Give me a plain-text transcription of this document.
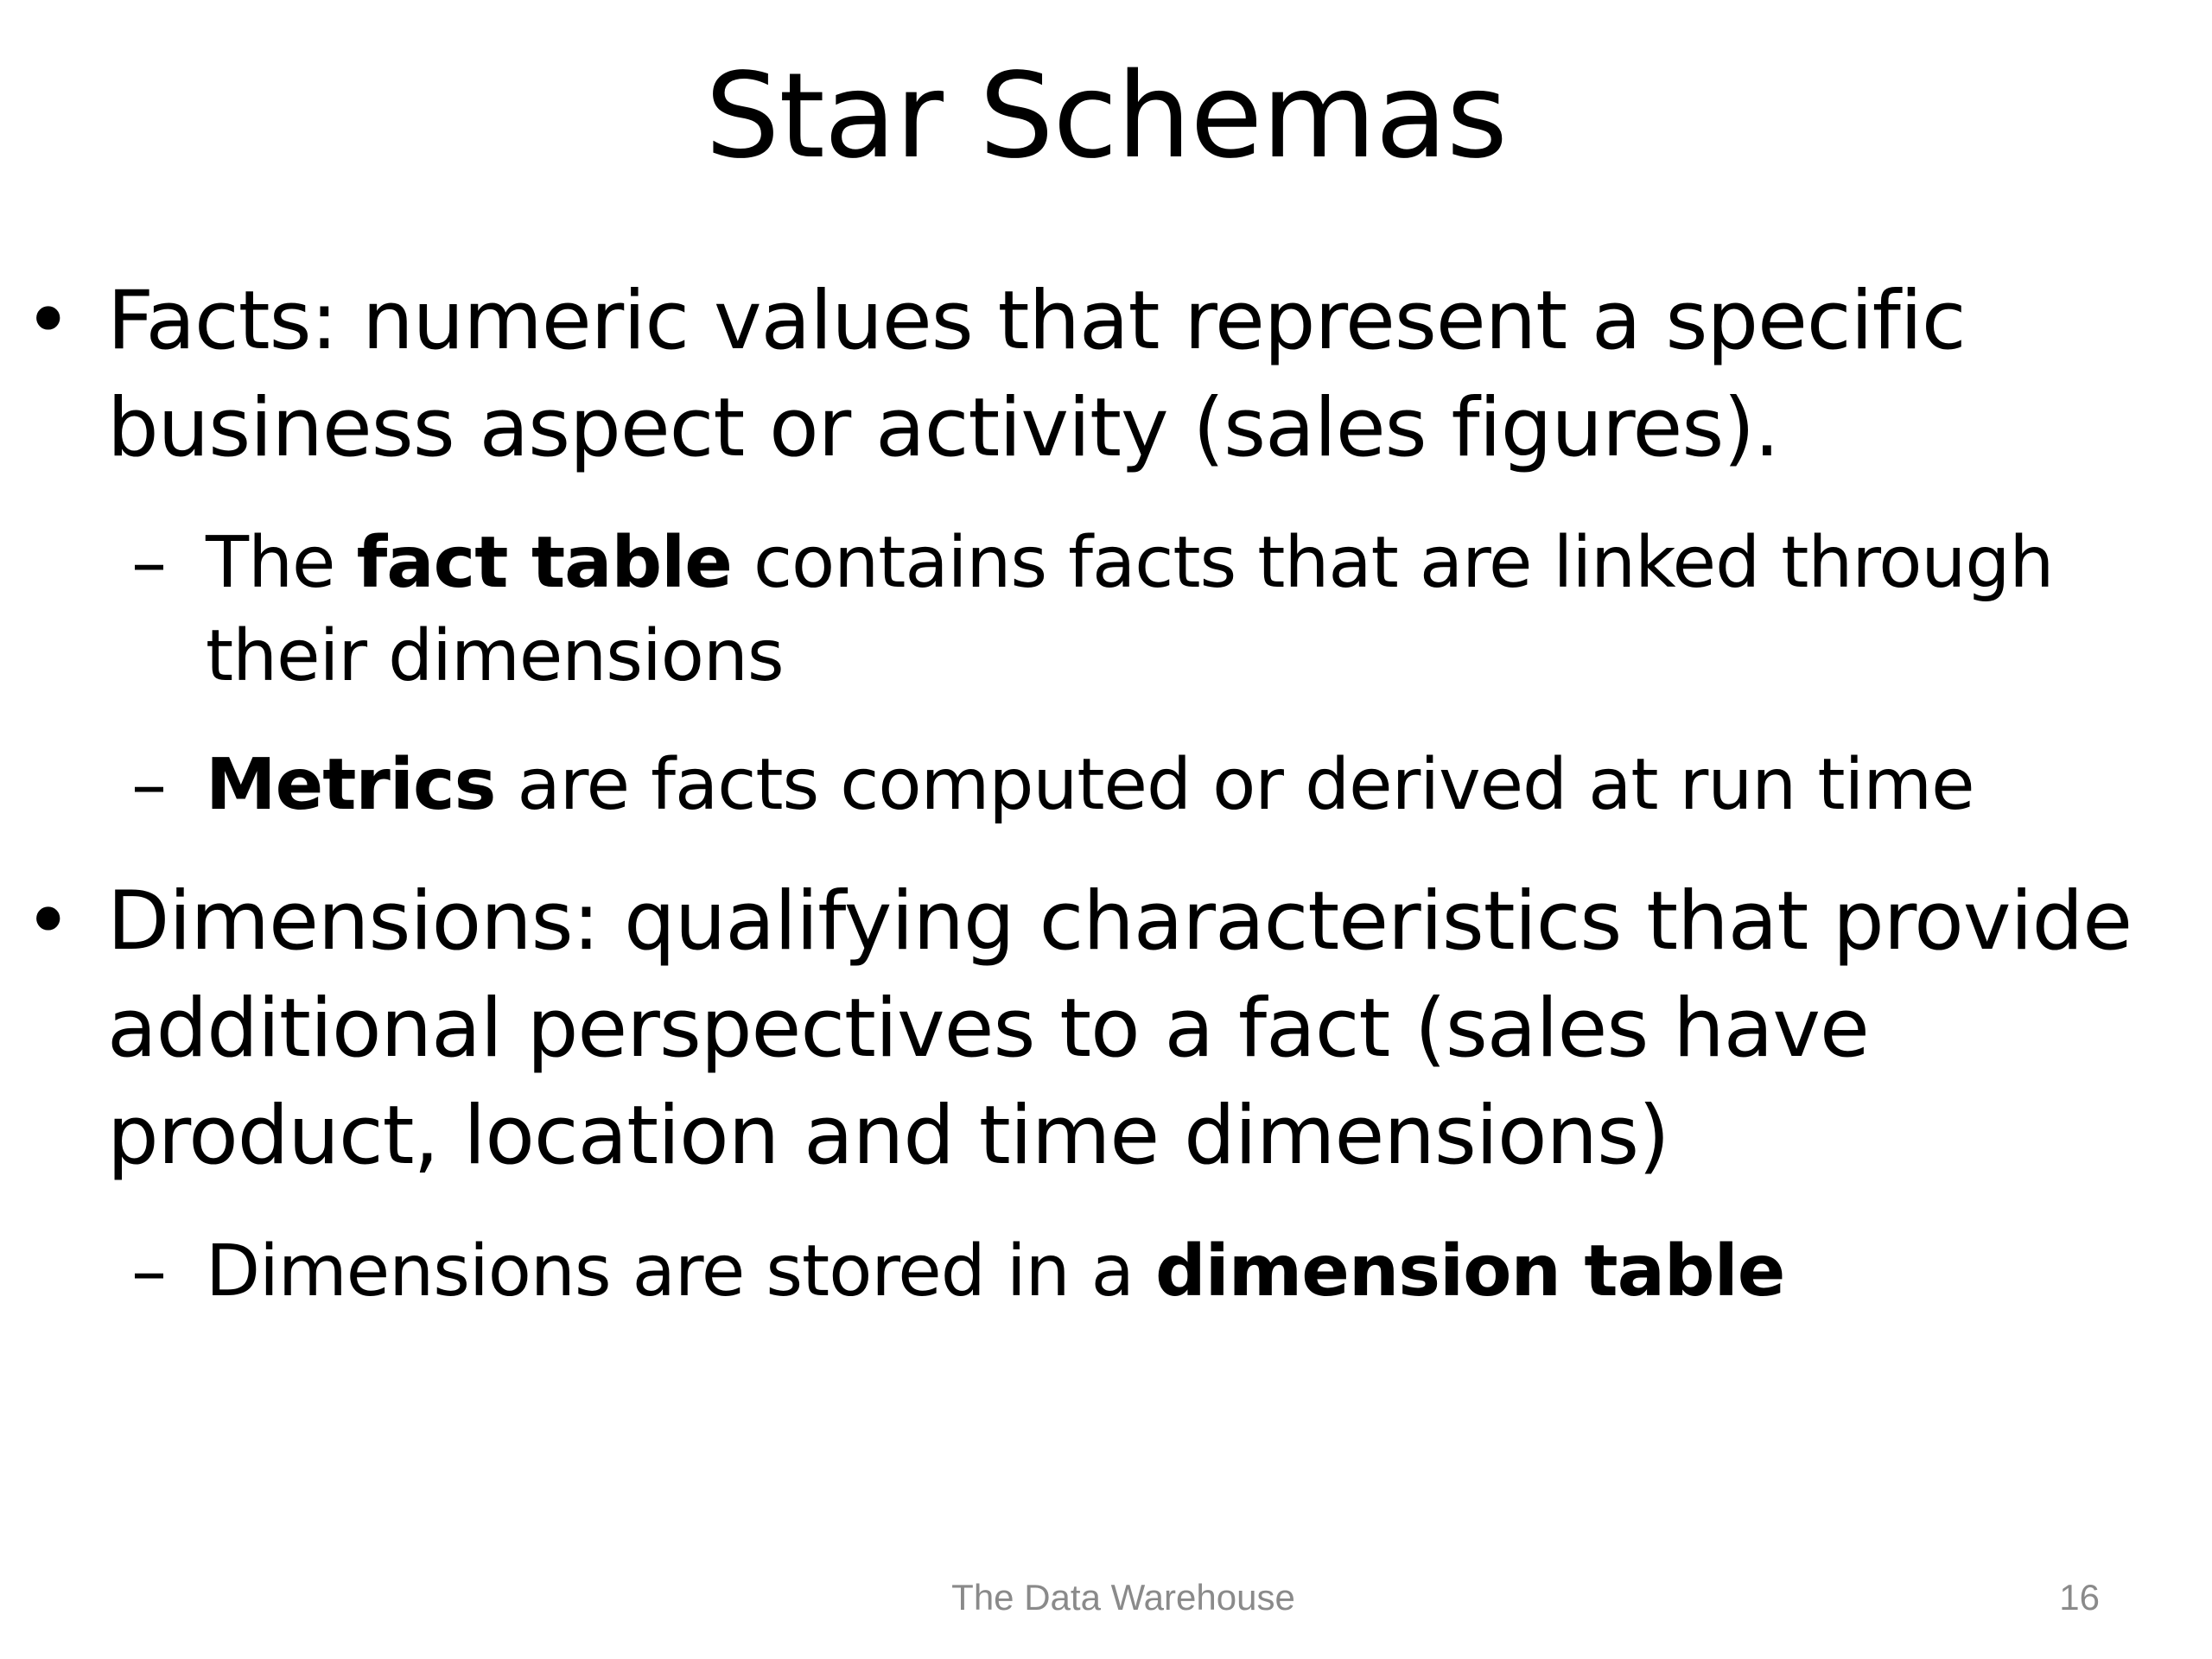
Star Schemas
• Facts: numeric values that represent a specific
business aspect or activity (sales figures).
– The fact table contains facts that are linked through
their dimensions
– Metrics are facts computed or derived at run time
• Dimensions: qualifying characteristics that provide
additional perspectives to a fact (sales have
product, location and time dimensions)
– Dimensions are stored in a dimension table
The Data Warehouse	16
